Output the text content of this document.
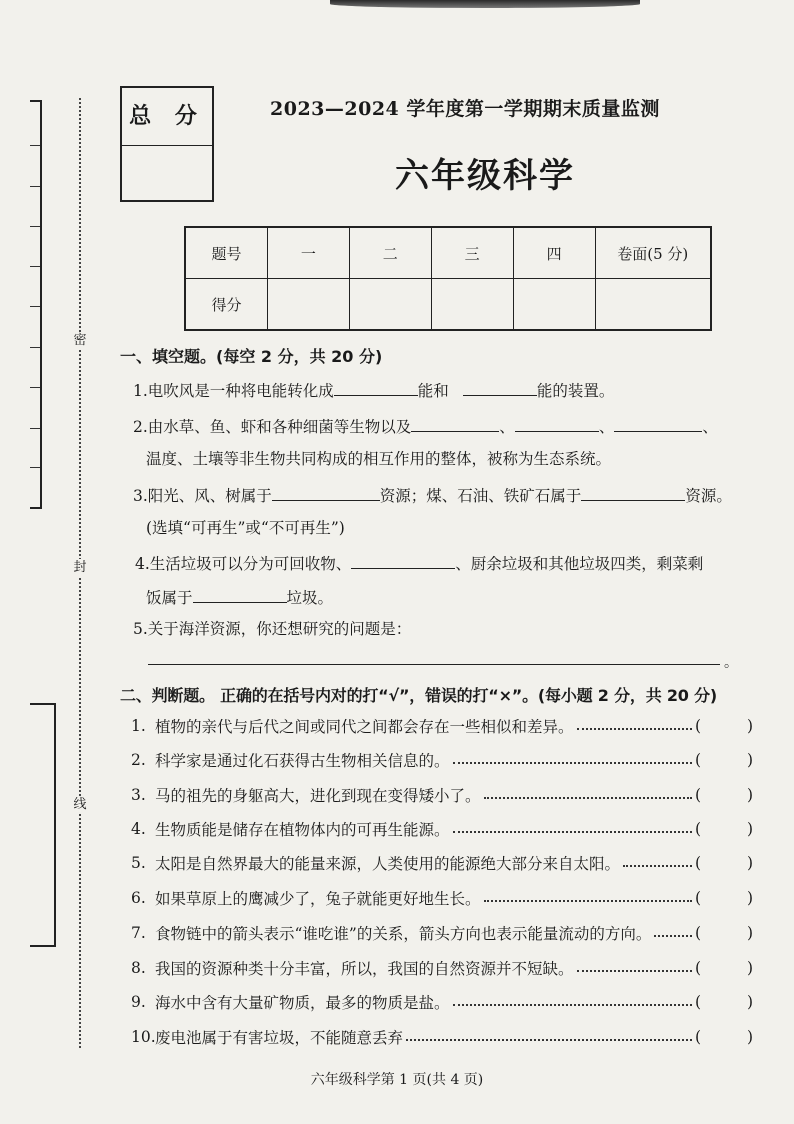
密
封
线
总 分	2023—2024 学年度第一学期期末质量监测
六年级科学
题号	一	二	三	四	卷面(5 分)
得分					
一、填空题。(每空 2 分，共 20 分)
1.电吹风是一种将电能转化成	能和	能的装置。
2.由水草、鱼、虾和各种细菌等生物以及	、	、	、
温度、土壤等非生物共同构成的相互作用的整体，被称为生态系统。
3.阳光、风、树属于	资源；煤、石油、铁矿石属于	资源。
(选填“可再生”或“不可再生”)
4.生活垃圾可以分为可回收物、	、厨余垃圾和其他垃圾四类，剩菜剩
饭属于	垃圾。
5.关于海洋资源，你还想研究的问题是：
。
二、判断题。 正确的在括号内对的打“√”，错误的打“×”。(每小题 2 分，共 20 分)
1. 植物的亲代与后代之间或同代之间都会存在一些相似和差异。	(	)
2. 科学家是通过化石获得古生物相关信息的。	(	)
3. 马的祖先的身躯高大，进化到现在变得矮小了。	(	)
4. 生物质能是储存在植物体内的可再生能源。	(	)
5. 太阳是自然界最大的能量来源，人类使用的能源绝大部分来自太阳。	(	)
6. 如果草原上的鹰减少了，兔子就能更好地生长。	(	)
7. 食物链中的箭头表示“谁吃谁”的关系，箭头方向也表示能量流动的方向。	(	)
8. 我国的资源种类十分丰富，所以，我国的自然资源并不短缺。	(	)
9. 海水中含有大量矿物质，最多的物质是盐。	(	)
10. 废电池属于有害垃圾，不能随意丢弃	(	)
六年级科学第 1 页(共 4 页)
